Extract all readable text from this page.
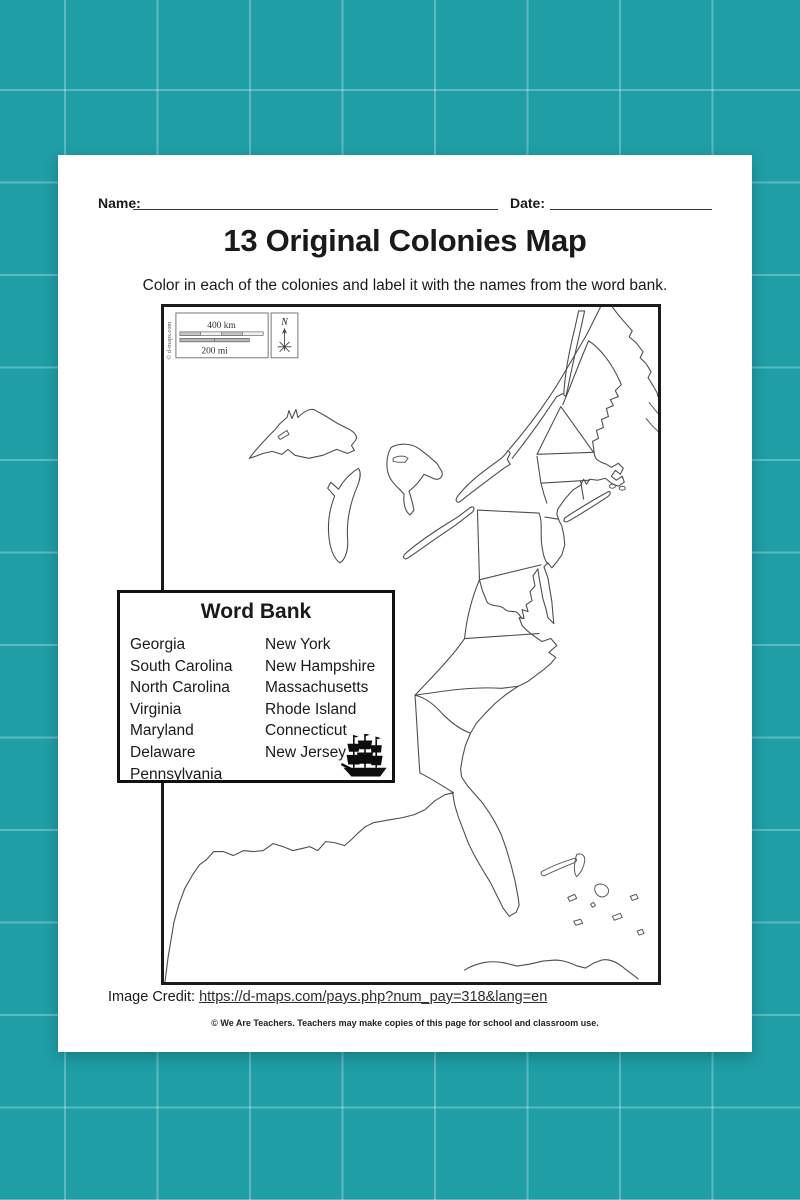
Name:	Date:
13 Original Colonies Map
Color in each of the colonies and label it with the names from the word bank.
400 km
200 mi
N
© d-maps.com
Word Bank
Georgia
South Carolina
North Carolina
Virginia
Maryland
Delaware
Pennsylvania
New York
New Hampshire
Massachusetts
Rhode Island
Connecticut
New Jersey
Image Credit: https://d-maps.com/pays.php?num_pay=318&lang=en
© We Are Teachers. Teachers may make copies of this page for school and classroom use.
